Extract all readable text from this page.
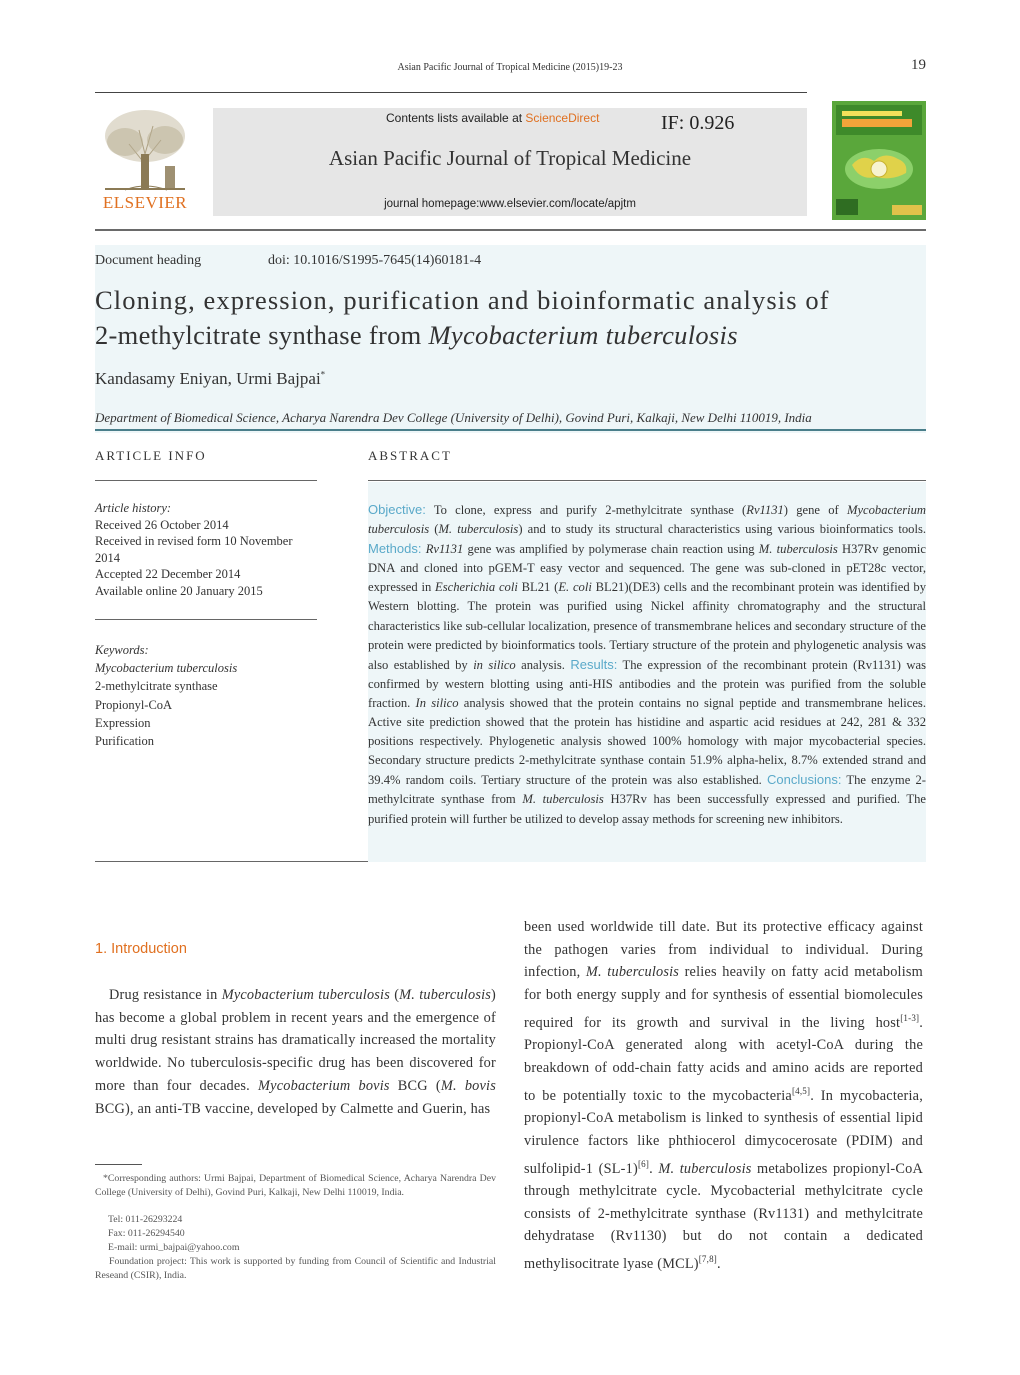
Asian Pacific Journal of Tropical Medicine (2015)19-23	19
ELSEVIER
Contents lists available at ScienceDirect	IF: 0.926
Asian Pacific Journal of Tropical Medicine
journal homepage:www.elsevier.com/locate/apjtm
Document heading	doi: 10.1016/S1995-7645(14)60181-4
Cloning, expression, purification and bioinformatic analysis of
2-methylcitrate synthase from Mycobacterium tuberculosis
Kandasamy Eniyan, Urmi Bajpai*
Department of Biomedical Science, Acharya Narendra Dev College (University of Delhi), Govind Puri, Kalkaji, New Delhi 110019, India
ARTICLE INFO	ABSTRACT
Article history:
Received 26 October 2014
Received in revised form 10 November 2014
Accepted 22 December 2014
Available online 20 January 2015
Keywords:
Mycobacterium tuberculosis
2-methylcitrate synthase
Propionyl-CoA
Expression
Purification
Objective: To clone, express and purify 2-methylcitrate synthase (Rv1131) gene of Mycobacterium tuberculosis (M. tuberculosis) and to study its structural characteristics using various bioinformatics tools. Methods: Rv1131 gene was amplified by polymerase chain reaction using M. tuberculosis H37Rv genomic DNA and cloned into pGEM-T easy vector and sequenced. The gene was sub-cloned in pET28c vector, expressed in Escherichia coli BL21 (E. coli BL21)(DE3) cells and the recombinant protein was identified by Western blotting. The protein was purified using Nickel affinity chromatography and the structural characteristics like sub-cellular localization, presence of transmembrane helices and secondary structure of the protein were predicted by bioinformatics tools. Tertiary structure of the protein and phylogenetic analysis was also established by in silico analysis. Results: The expression of the recombinant protein (Rv1131) was confirmed by western blotting using anti-HIS antibodies and the protein was purified from the soluble fraction. In silico analysis showed that the protein contains no signal peptide and transmembrane helices. Active site prediction showed that the protein has histidine and aspartic acid residues at 242, 281 & 332 positions respectively. Phylogenetic analysis showed 100% homology with major mycobacterial species. Secondary structure predicts 2-methylcitrate synthase contain 51.9% alpha-helix, 8.7% extended strand and 39.4% random coils. Tertiary structure of the protein was also established. Conclusions: The enzyme 2-methylcitrate synthase from M. tuberculosis H37Rv has been successfully expressed and purified. The purified protein will further be utilized to develop assay methods for screening new inhibitors.
1. Introduction
Drug resistance in Mycobacterium tuberculosis (M. tuberculosis) has become a global problem in recent years and the emergence of multi drug resistant strains has dramatically increased the mortality worldwide. No tuberculosis-specific drug has been discovered for more than four decades. Mycobacterium bovis BCG (M. bovis BCG), an anti-TB vaccine, developed by Calmette and Guerin, has
been used worldwide till date. But its protective efficacy against the pathogen varies from individual to individual. During infection, M. tuberculosis relies heavily on fatty acid metabolism for both energy supply and for synthesis of essential biomolecules required for its growth and survival in the living host[1-3]. Propionyl-CoA generated along with acetyl-CoA during the breakdown of odd-chain fatty acids and amino acids are reported to be potentially toxic to the mycobacteria[4,5]. In mycobacteria, propionyl-CoA metabolism is linked to synthesis of essential lipid virulence factors like phthiocerol dimycocerosate (PDIM) and sulfolipid-1 (SL-1)[6]. M. tuberculosis metabolizes propionyl-CoA through methylcitrate cycle. Mycobacterial methylcitrate cycle consists of 2-methylcitrate synthase (Rv1131) and methylcitrate dehydratase (Rv1130) but do not contain a dedicated methylisocitrate lyase (MCL)[7,8].
*Corresponding authors: Urmi Bajpai, Department of Biomedical Science, Acharya Narendra Dev College (University of Delhi), Govind Puri, Kalkaji, New Delhi 110019, India.
Tel: 011-26293224
Fax: 011-26294540
E-mail: urmi_bajpai@yahoo.com
Foundation project: This work is supported by funding from Council of Scientific and Industrial Reseand (CSIR), India.
